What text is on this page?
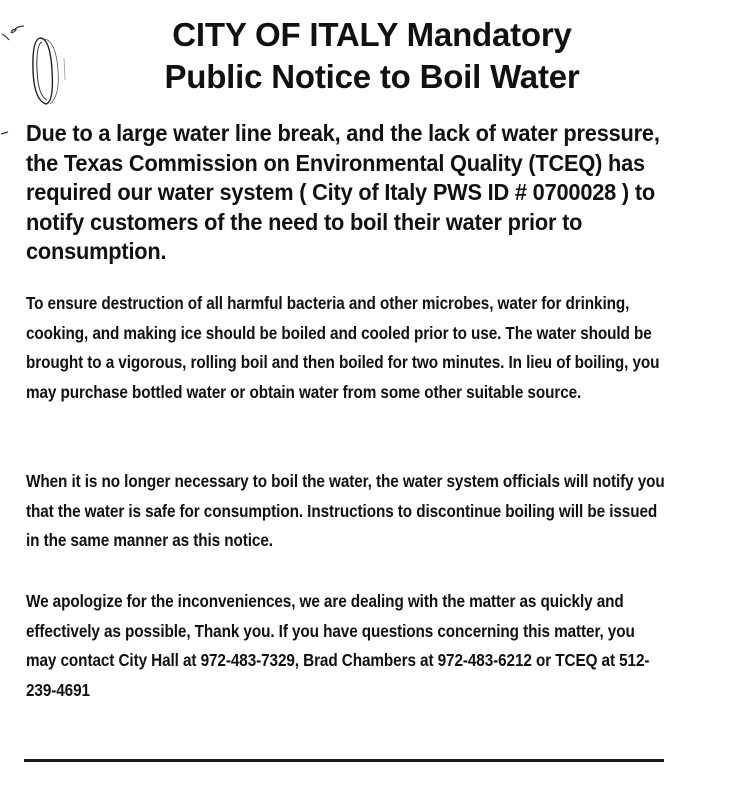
CITY OF ITALY Mandatory
Public Notice to Boil Water
Due to a large water line break, and the lack of water pressure, the Texas Commission on Environmental Quality (TCEQ) has required our water system ( City of Italy PWS ID # 0700028 ) to notify customers of the need to boil their water prior to consumption.
To ensure destruction of all harmful bacteria and other microbes, water for drinking, cooking, and making ice should be boiled and cooled prior to use. The water should be brought to a vigorous, rolling boil and then boiled for two minutes. In lieu of boiling, you may purchase bottled water or obtain water from some other suitable source.
When it is no longer necessary to boil the water, the water system officials will notify you that the water is safe for consumption. Instructions to discontinue boiling will be issued in the same manner as this notice.
We apologize for the inconveniences, we are dealing with the matter as quickly and effectively as possible, Thank you. If you have questions concerning this matter, you may contact City Hall at 972-483-7329, Brad Chambers at 972-483-6212 or TCEQ at 512-239-4691
